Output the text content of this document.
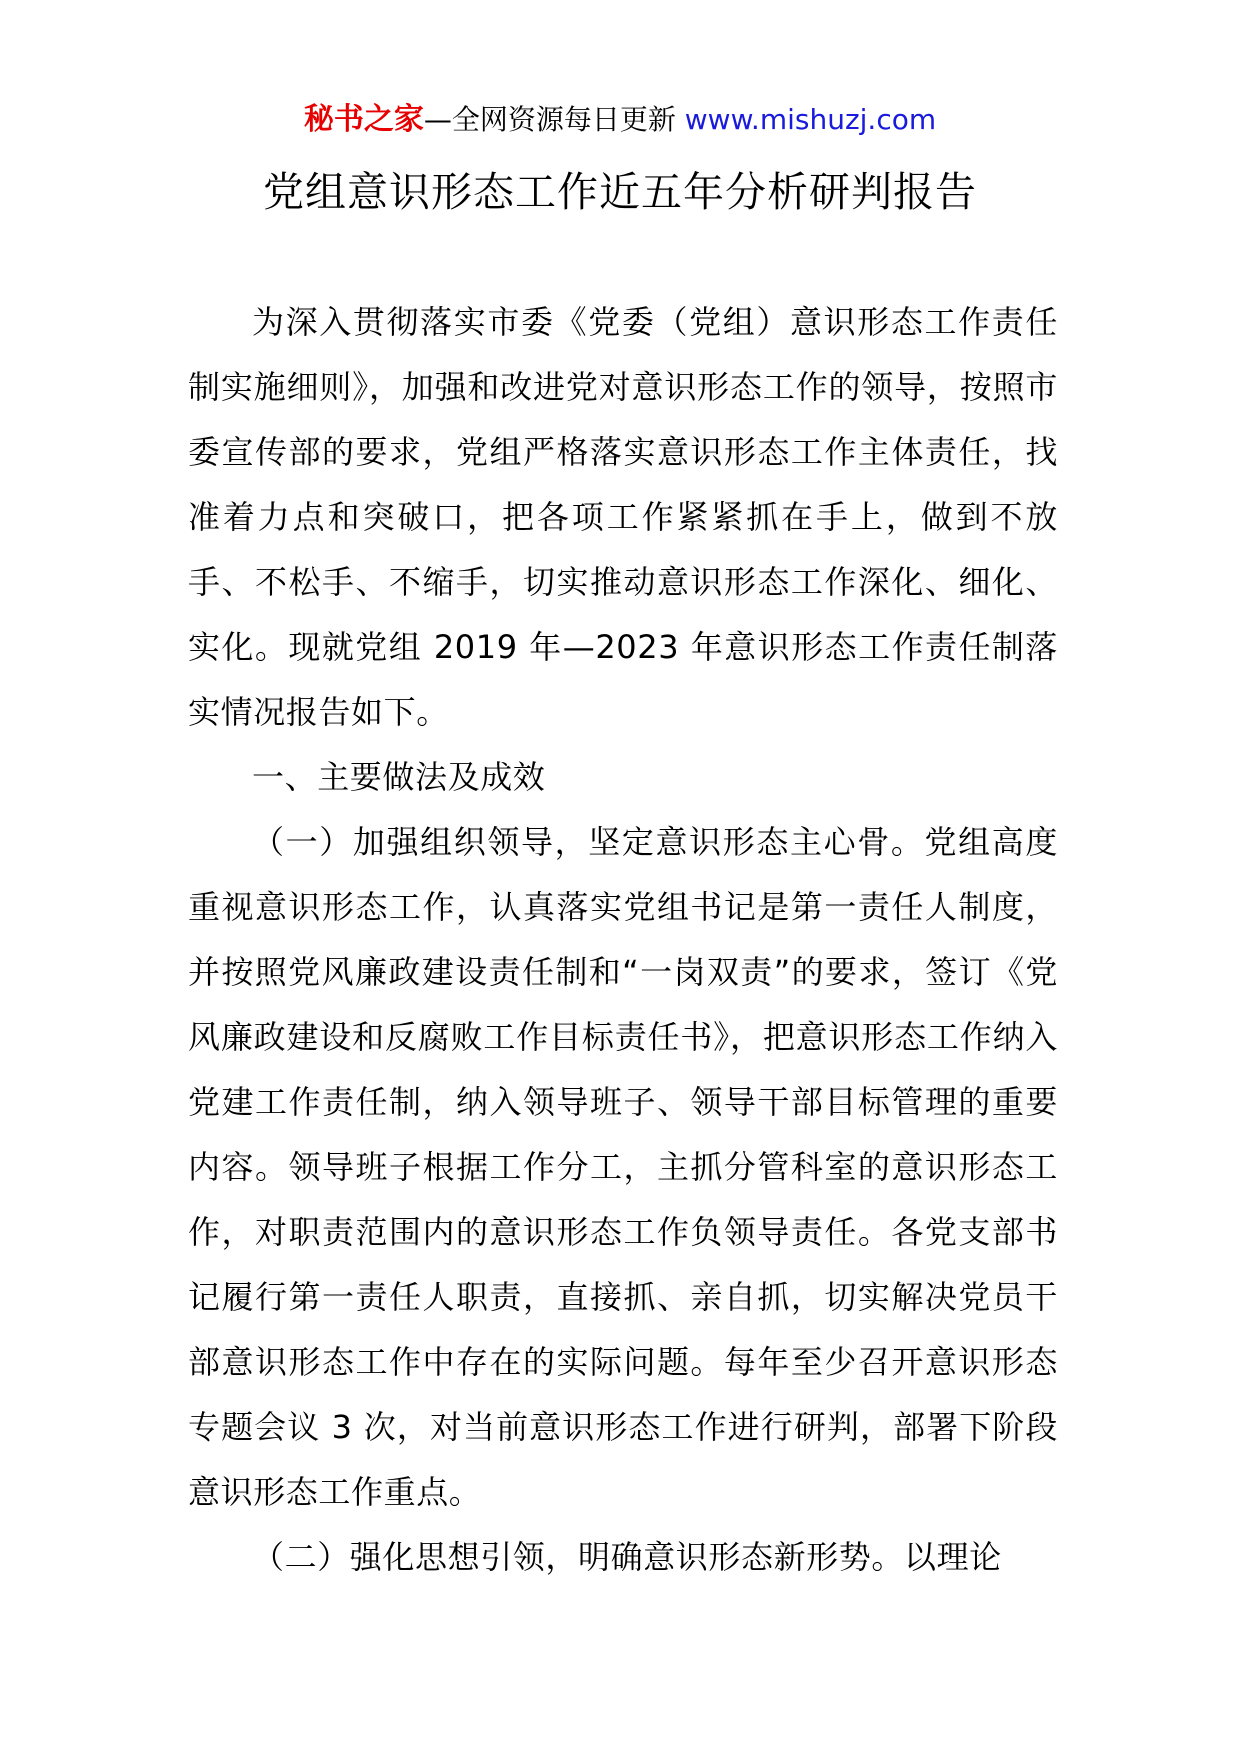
秘书之家—全网资源每日更新 www.mishuzj.com
党组意识形态工作近五年分析研判报告

为深入贯彻落实市委《党委（党组）意识形态工作责任制实施细则》，加强和改进党对意识形态工作的领导，按照市委宣传部的要求，党组严格落实意识形态工作主体责任，找准着力点和突破口，把各项工作紧紧抓在手上，做到不放手、不松手、不缩手，切实推动意识形态工作深化、细化、实化。现就党组 2019 年—2023 年意识形态工作责任制落实情况报告如下。

一、主要做法及成效

（一）加强组织领导，坚定意识形态主心骨。党组高度重视意识形态工作，认真落实党组书记是第一责任人制度，并按照党风廉政建设责任制和“一岗双责”的要求，签订《党风廉政建设和反腐败工作目标责任书》，把意识形态工作纳入党建工作责任制，纳入领导班子、领导干部目标管理的重要内容。领导班子根据工作分工，主抓分管科室的意识形态工作，对职责范围内的意识形态工作负领导责任。各党支部书记履行第一责任人职责，直接抓、亲自抓，切实解决党员干部意识形态工作中存在的实际问题。每年至少召开意识形态专题会议 3 次，对当前意识形态工作进行研判，部署下阶段意识形态工作重点。

（二）强化思想引领，明确意识形态新形势。以理论
